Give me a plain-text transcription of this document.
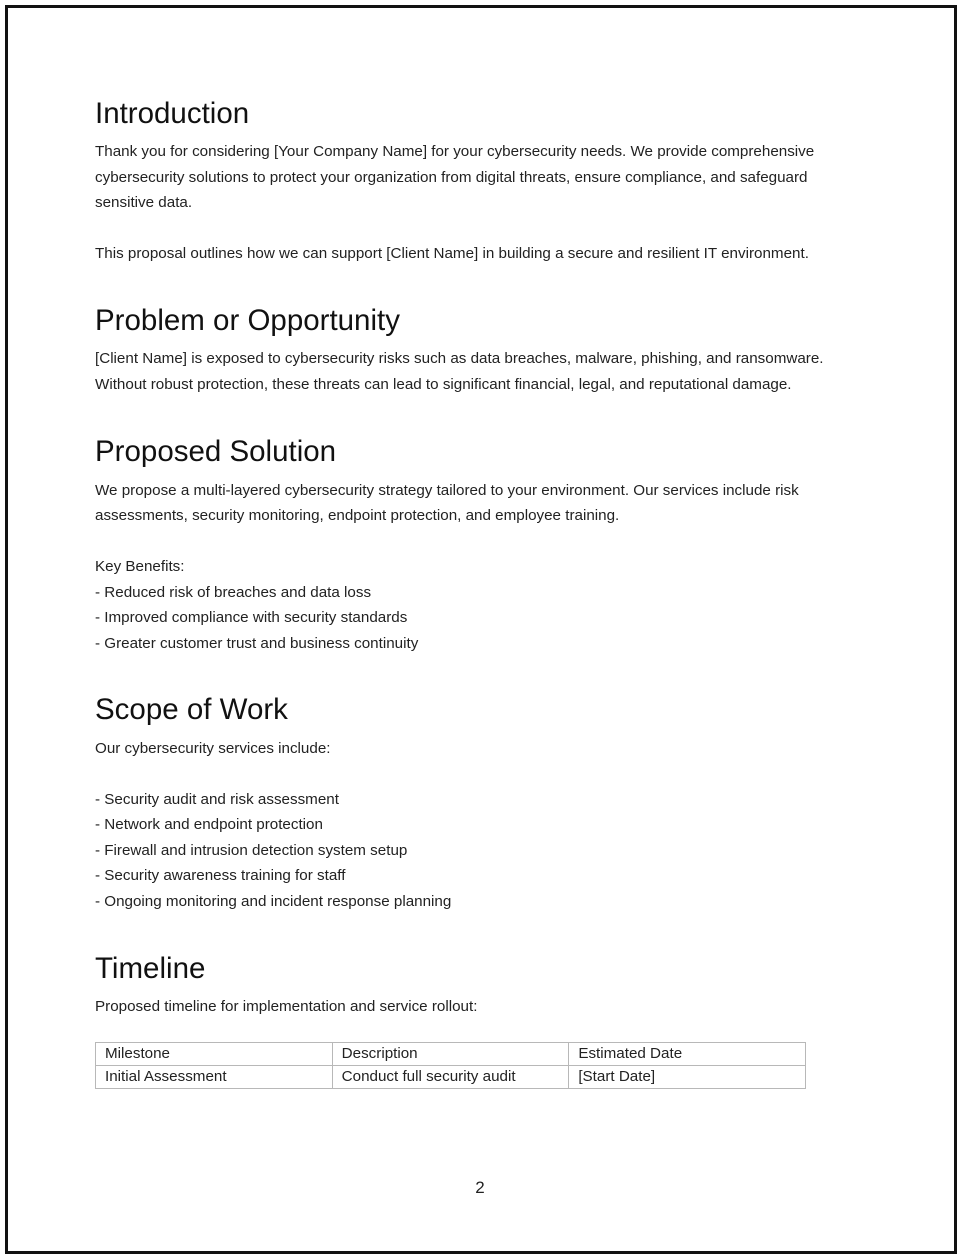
Introduction

Thank you for considering [Your Company Name] for your cybersecurity needs. We provide comprehensive cybersecurity solutions to protect your organization from digital threats, ensure compliance, and safeguard sensitive data.

This proposal outlines how we can support [Client Name] in building a secure and resilient IT environment.

Problem or Opportunity

[Client Name] is exposed to cybersecurity risks such as data breaches, malware, phishing, and ransomware. Without robust protection, these threats can lead to significant financial, legal, and reputational damage.

Proposed Solution

We propose a multi-layered cybersecurity strategy tailored to your environment. Our services include risk assessments, security monitoring, endpoint protection, and employee training.

Key Benefits:

- Reduced risk of breaches and data loss
- Improved compliance with security standards
- Greater customer trust and business continuity
Scope of Work

Our cybersecurity services include:

- Security audit and risk assessment
- Network and endpoint protection
- Firewall and intrusion detection system setup
- Security awareness training for staff
- Ongoing monitoring and incident response planning
Timeline

Proposed timeline for implementation and service rollout:

Milestone	Description	Estimated Date
Initial Assessment	Conduct full security audit	[Start Date]
2
